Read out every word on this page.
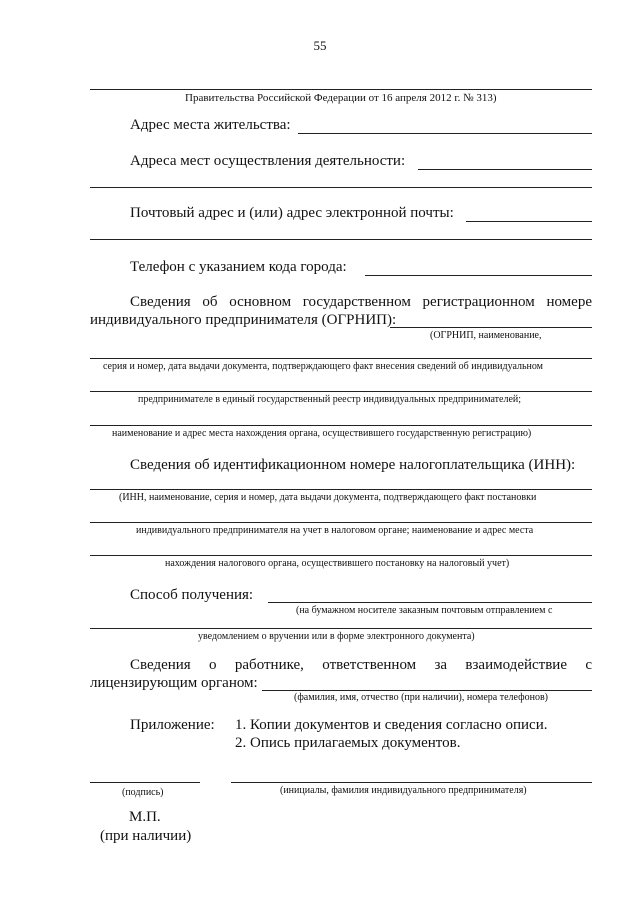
55
Правительства Российской Федерации от 16 апреля 2012 г. № 313)
Адрес места жительства:
Адреса мест осуществления деятельности:
Почтовый адрес и (или) адрес электронной почты:
Телефон с указанием кода города:
Сведения об основном государственном регистрационном номере
индивидуального предпринимателя (ОГРНИП):
(ОГРНИП, наименование,
серия и номер, дата выдачи документа, подтверждающего факт внесения сведений об индивидуальном
предпринимателе в единый государственный реестр индивидуальных предпринимателей;
наименование и адрес места нахождения органа, осуществившего государственную регистрацию)
Сведения об идентификационном номере налогоплательщика (ИНН):
(ИНН, наименование, серия и номер, дата выдачи документа, подтверждающего факт постановки
индивидуального предпринимателя на учет в налоговом органе; наименование и адрес места
нахождения налогового органа, осуществившего постановку на налоговый учет)
Способ получения:
(на бумажном носителе заказным почтовым отправлением с
уведомлением о вручении или в форме электронного документа)
Сведения о работнике, ответственном за взаимодействие с
лицензирующим органом:
(фамилия, имя, отчество (при наличии), номера телефонов)
Приложение: 1. Копии документов и сведения согласно описи.
2. Опись прилагаемых документов.
(подпись)	(инициалы, фамилия индивидуального предпринимателя)
М.П.
(при наличии)
